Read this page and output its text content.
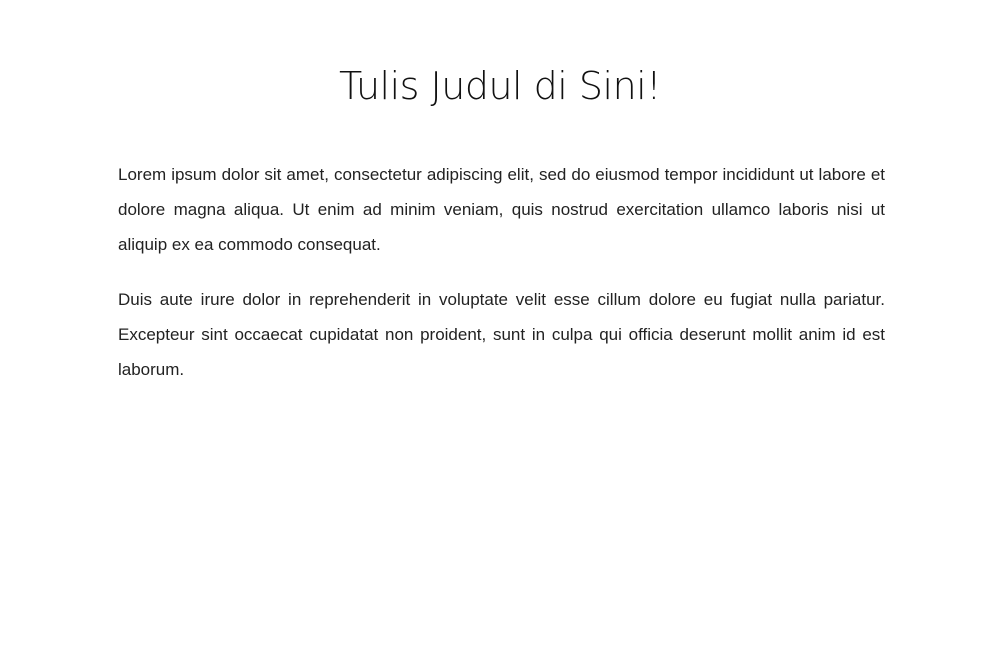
Tulis Judul di Sini!

Lorem ipsum dolor sit amet, consectetur adipiscing elit, sed do eiusmod tempor incididunt ut labore et dolore magna aliqua. Ut enim ad minim veniam, quis nostrud exercitation ullamco laboris nisi ut aliquip ex ea commodo consequat.

Duis aute irure dolor in reprehenderit in voluptate velit esse cillum dolore eu fugiat nulla pariatur. Excepteur sint occaecat cupidatat non proident, sunt in culpa qui officia deserunt mollit anim id est laborum.
